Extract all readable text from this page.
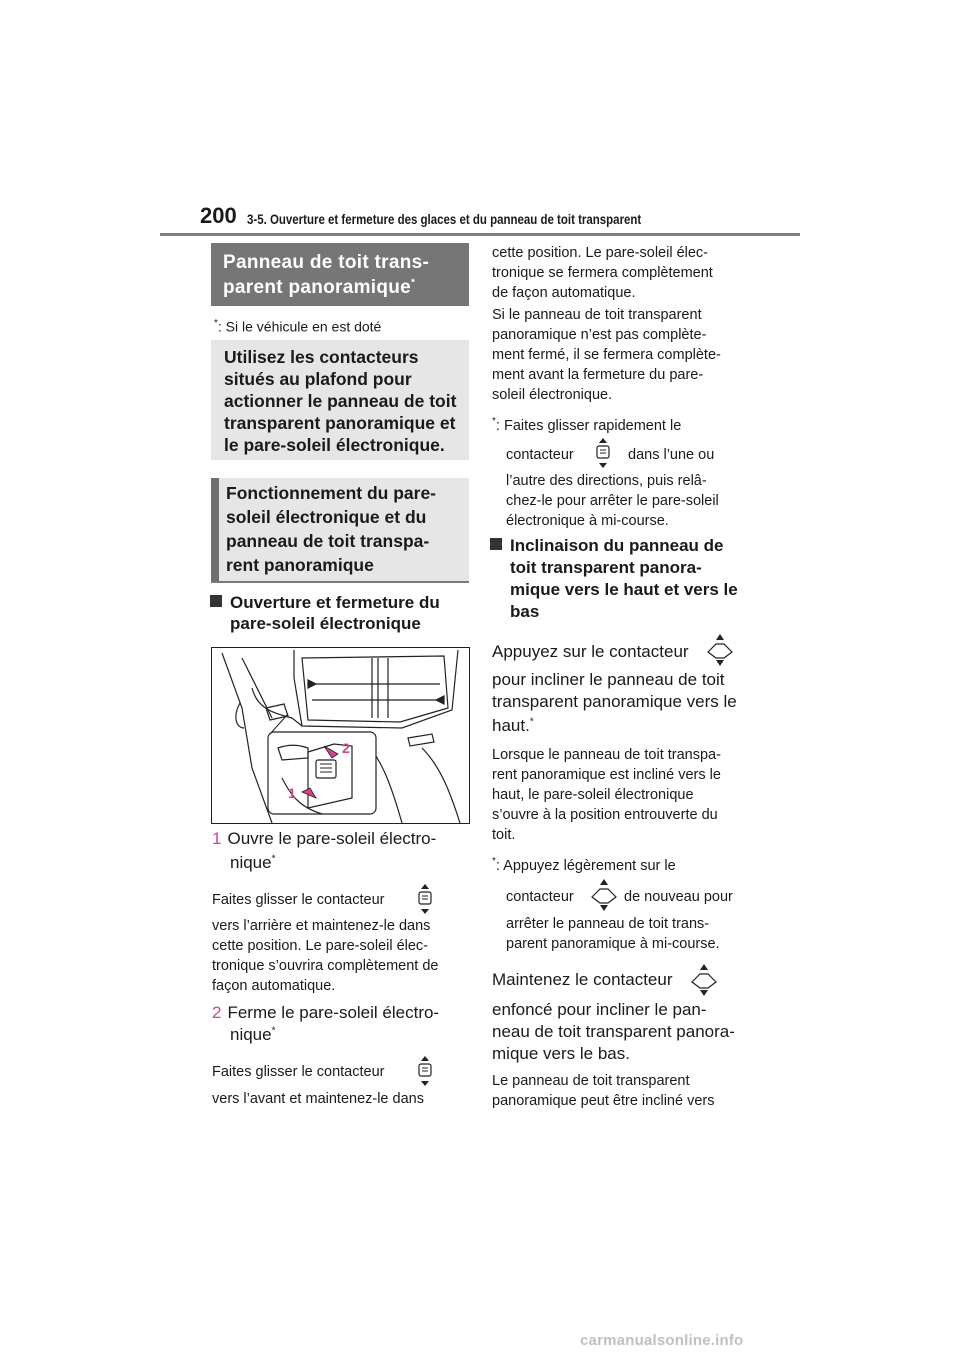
200 3-5. Ouverture et fermeture des glaces et du panneau de toit transparent
Panneau de toit trans-
parent panoramique*
*: Si le véhicule en est doté
Utilisez les contacteurs
situés au plafond pour
actionner le panneau de toit
transparent panoramique et
le pare-soleil électronique.
Fonctionnement du pare-
soleil électronique et du
panneau de toit transpa-
rent panoramique
Ouverture et fermeture du
pare-soleil électronique
2
1
1 Ouvre le pare-soleil électro-
nique*
Faites glisser le contacteur
vers l’arrière et maintenez-le dans
cette position. Le pare-soleil élec-
tronique s’ouvrira complètement de
façon automatique.
2 Ferme le pare-soleil électro-
nique*
Faites glisser le contacteur
vers l’avant et maintenez-le dans
cette position. Le pare-soleil élec-
tronique se fermera complètement
de façon automatique.
Si le panneau de toit transparent
panoramique n’est pas complète-
ment fermé, il se fermera complète-
ment avant la fermeture du pare-
soleil électronique.
*: Faites glisser rapidement le
contacteur	dans l’une ou
l’autre des directions, puis relâ-
chez-le pour arrêter le pare-soleil
électronique à mi-course.
Inclinaison du panneau de
toit transparent panora-
mique vers le haut et vers le
bas
Appuyez sur le contacteur
pour incliner le panneau de toit
transparent panoramique vers le
haut.*
Lorsque le panneau de toit transpa-
rent panoramique est incliné vers le
haut, le pare-soleil électronique
s’ouvre à la position entrouverte du
toit.
*: Appuyez légèrement sur le
contacteur	de nouveau pour
arrêter le panneau de toit trans-
parent panoramique à mi-course.
Maintenez le contacteur
enfoncé pour incliner le pan-
neau de toit transparent panora-
mique vers le bas.
Le panneau de toit transparent
panoramique peut être incliné vers
carmanualsonline.info
